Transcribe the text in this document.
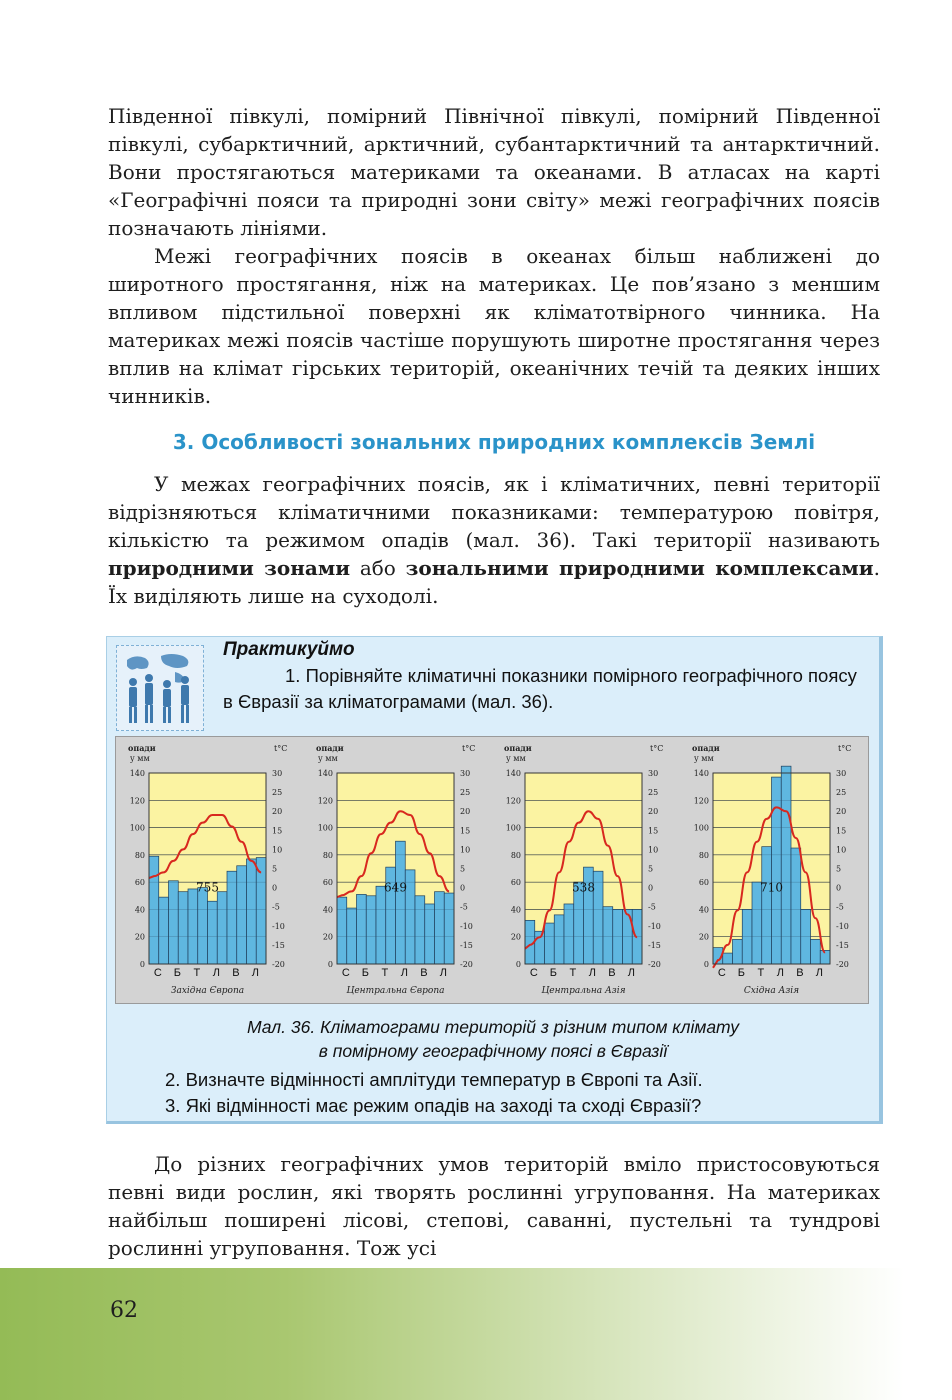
Південної півкулі, помірний Північної півкулі, помірний Південної півкулі, субарктичний, арктичний, субантарктичний та антарктичний. Вони простягаються материками та океанами. В атласах на карті «Географічні пояси та природні зони світу» межі географічних поясів позначають лініями.

Межі географічних поясів в океанах більш наближені до широтного простягання, ніж на материках. Це пов’язано з меншим впливом підстильної поверхні як кліматотвірного чинника. На материках межі поясів частіше порушують широтне простягання через вплив на клімат гірських територій, океанічних течій та деяких інших чинників.

3. Особливості зональних природних комплексів Землі

У межах географічних поясів, як і кліматичних, певні території відрізняються кліматичними показниками: температурою повітря, кількістю та режимом опадів (мал. 36). Такі території називають природними зонами або зональними природними комплексами. Їх виділяють лише на суходолі.

Практикуймо
1. Порівняйте кліматичні показники помірного географічного поясу в Євразії за кліматограмами (мал. 36).
0
20
40
60
80
100
120
140	30
25
20
15
10
5
0
-5
-10
-15
-20
опади
у мм
t°С
755
С Б Т Л В Л
Західна Європа
0
20
40
60
80
100
120
140	30
25
20
15
10
5
0
-5
-10
-15
-20
опади
у мм
t°С
649
С Б Т Л В Л
Центральна Європа
0
20
40
60
80
100
120
140	30
25
20
15
10
5
0
-5
-10
-15
-20
опади
у мм
t°С
538
С Б Т Л В Л
Центральна Азія
0
20
40
60
80
100
120
140	30
25
20
15
10
5
0
-5
-10
-15
-20
опади
у мм
t°С
710
С Б Т Л В Л
Східна Азія
Мал. 36. Кліматограми територій з різним типом клімату
в помірному географічному поясі в Євразії
2. Визначте відмінності амплітуди температур в Європі та Азії.
3. Які відмінності має режим опадів на заході та сході Євразії?

До різних географічних умов територій вміло пристосовуються певні види рослин, які творять рослинні угруповання. На материках найбільш поширені лісові, степові, саванні, пустельні та тундрові рослинні угруповання. Тож усі

62
